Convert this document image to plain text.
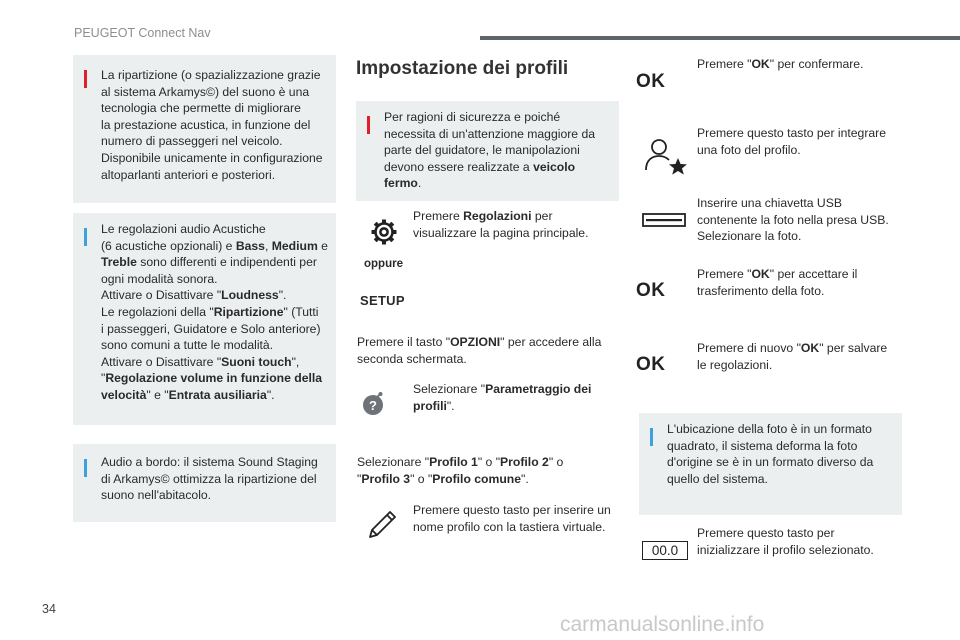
PEUGEOT Connect Nav
La ripartizione (o spazializzazione grazie
al sistema Arkamys©) del suono è una
tecnologia che permette di migliorare
la prestazione acustica, in funzione del
numero di passeggeri nel veicolo.
Disponibile unicamente in configurazione
altoparlanti anteriori e posteriori.
Le regolazioni audio Acustiche
(6 acustiche opzionali) e Bass, Medium e
Treble sono differenti e indipendenti per
ogni modalità sonora.
Attivare o Disattivare "Loudness".
Le regolazioni della "Ripartizione" (Tutti
i passeggeri, Guidatore e Solo anteriore)
sono comuni a tutte le modalità.
Attivare o Disattivare "Suoni touch",
"Regolazione volume in funzione della
velocità" e "Entrata ausiliaria".
Audio a bordo: il sistema Sound Staging
di Arkamys© ottimizza la ripartizione del
suono nell'abitacolo.
Impostazione dei profili
Per ragioni di sicurezza e poiché
necessita di un'attenzione maggiore da
parte del guidatore, le manipolazioni
devono essere realizzate a veicolo
fermo.
Premere Regolazioni per
visualizzare la pagina principale.
oppure
SETUP
Premere il tasto "OPZIONI" per accedere alla
seconda schermata.
?
Selezionare "Parametraggio dei
profili".
Selezionare "Profilo 1" o "Profilo 2" o
"Profilo 3" o "Profilo comune".
Premere questo tasto per inserire un
nome profilo con la tastiera virtuale.
OK
Premere "OK" per confermare.
Premere questo tasto per integrare
una foto del profilo.
Inserire una chiavetta USB
contenente la foto nella presa USB.
Selezionare la foto.
OK
Premere "OK" per accettare il
trasferimento della foto.
OK
Premere di nuovo "OK" per salvare
le regolazioni.
L'ubicazione della foto è in un formato
quadrato, il sistema deforma la foto
d'origine se è in un formato diverso da
quello del sistema.
00.0
Premere questo tasto per
inizializzare il profilo selezionato.
34
carmanualsonline.info
